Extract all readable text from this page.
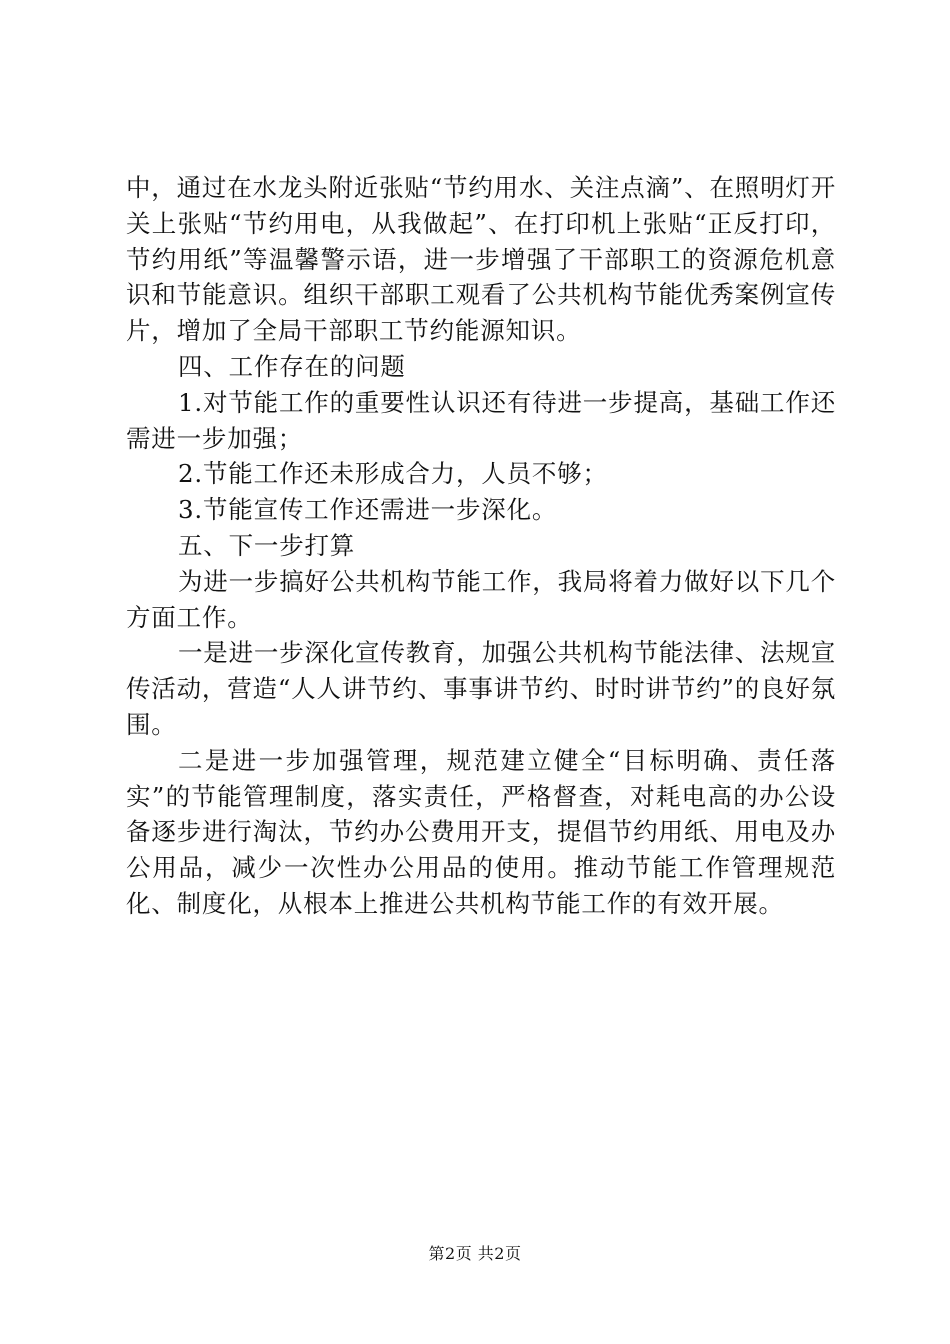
中，通过在水龙头附近张贴“节约用水、关注点滴”、在照明灯开关上张贴“节约用电，从我做起”、在打印机上张贴“正反打印，节约用纸”等温馨警示语，进一步增强了干部职工的资源危机意识和节能意识。组织干部职工观看了公共机构节能优秀案例宣传片，增加了全局干部职工节约能源知识。

四、工作存在的问题

1.对节能工作的重要性认识还有待进一步提高，基础工作还需进一步加强；

2.节能工作还未形成合力，人员不够；

3.节能宣传工作还需进一步深化。

五、下一步打算

为进一步搞好公共机构节能工作，我局将着力做好以下几个方面工作。

一是进一步深化宣传教育，加强公共机构节能法律、法规宣传活动，营造“人人讲节约、事事讲节约、时时讲节约”的良好氛围。

二是进一步加强管理，规范建立健全“目标明确、责任落实”的节能管理制度，落实责任，严格督查，对耗电高的办公设备逐步进行淘汰，节约办公费用开支，提倡节约用纸、用电及办公用品，减少一次性办公用品的使用。推动节能工作管理规范化、制度化，从根本上推进公共机构节能工作的有效开展。

第2页 共2页
